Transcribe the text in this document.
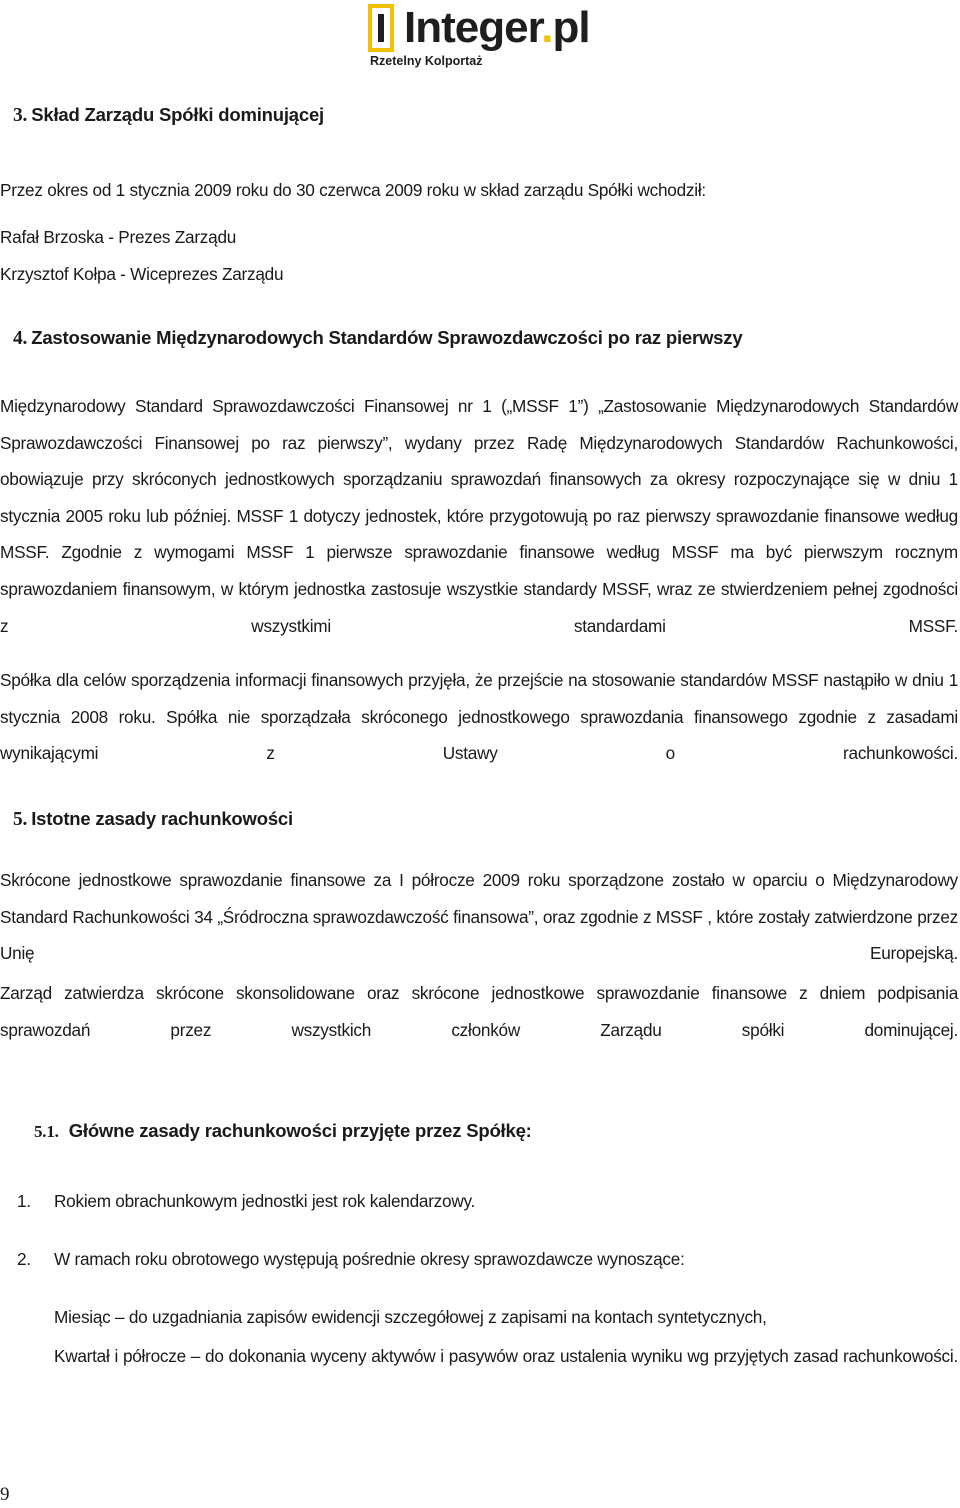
Integer.pl
Rzetelny Kolportaż
3. Skład Zarządu Spółki dominującej
Przez okres od 1 stycznia 2009 roku do 30 czerwca 2009 roku w skład zarządu Spółki wchodził:
Rafał Brzoska - Prezes Zarządu
Krzysztof Kołpa - Wiceprezes Zarządu
4. Zastosowanie Międzynarodowych Standardów Sprawozdawczości po raz pierwszy
Międzynarodowy Standard Sprawozdawczości Finansowej nr 1 („MSSF 1”) „Zastosowanie Międzynarodowych Standardów Sprawozdawczości Finansowej po raz pierwszy”, wydany przez Radę Międzynarodowych Standardów Rachunkowości, obowiązuje przy skróconych jednostkowych sporządzaniu sprawozdań finansowych za okresy rozpoczynające się w dniu 1 stycznia 2005 roku lub później. MSSF 1 dotyczy jednostek, które przygotowują po raz pierwszy sprawozdanie finansowe według MSSF. Zgodnie z wymogami MSSF 1 pierwsze sprawozdanie finansowe według MSSF ma być pierwszym rocznym sprawozdaniem finansowym, w którym jednostka zastosuje wszystkie standardy MSSF, wraz ze stwierdzeniem pełnej zgodności z wszystkimi standardami MSSF.
Spółka dla celów sporządzenia informacji finansowych przyjęła, że przejście na stosowanie standardów MSSF nastąpiło w dniu 1 stycznia 2008 roku. Spółka nie sporządzała skróconego jednostkowego sprawozdania finansowego zgodnie z zasadami wynikającymi z Ustawy o rachunkowości.
5. Istotne zasady rachunkowości
Skrócone jednostkowe sprawozdanie finansowe za I półrocze 2009 roku sporządzone zostało w oparciu o Międzynarodowy Standard Rachunkowości 34 „Śródroczna sprawozdawczość finansowa”, oraz zgodnie z MSSF , które zostały zatwierdzone przez Unię Europejską.
Zarząd zatwierdza skrócone skonsolidowane oraz skrócone jednostkowe sprawozdanie finansowe z dniem podpisania sprawozdań przez wszystkich członków Zarządu spółki dominującej.
5.1. Główne zasady rachunkowości przyjęte przez Spółkę:
1. Rokiem obrachunkowym jednostki jest rok kalendarzowy.
2. W ramach roku obrotowego występują pośrednie okresy sprawozdawcze wynoszące:
Miesiąc – do uzgadniania zapisów ewidencji szczegółowej z zapisami na kontach syntetycznych,
Kwartał i półrocze – do dokonania wyceny aktywów i pasywów oraz ustalenia wyniku wg przyjętych zasad rachunkowości.
9
